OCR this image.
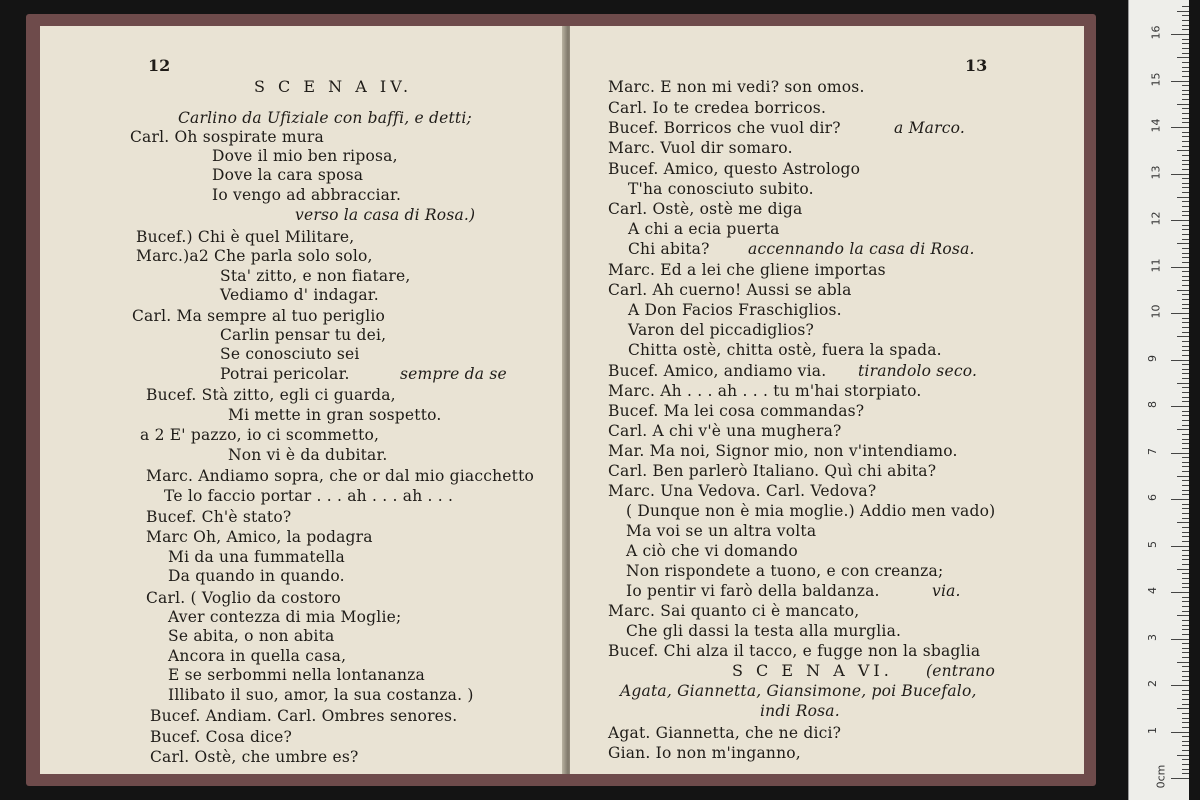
12
S C E N A IV.
Carlino da Ufiziale con baffi, e detti;
Carl. Oh sospirate mura
Dove il mio ben riposa,
Dove la cara sposa
Io vengo ad abbracciar.
verso la casa di Rosa.)
Bucef.) Chi è quel Militare,
Marc.)a2 Che parla solo solo,
Sta' zitto, e non fiatare,
Vediamo d' indagar.
Carl. Ma sempre al tuo periglio
Carlin pensar tu dei,
Se conosciuto sei
Potrai pericolar.	sempre da se
Bucef. Stà zitto, egli ci guarda,
Mi mette in gran sospetto.
a 2 E' pazzo, io ci scommetto,
Non vi è da dubitar.
Marc. Andiamo sopra, che or dal mio giacchetto
Te lo faccio portar . . . ah . . . ah . . .
Bucef. Ch'è stato?
Marc Oh, Amico, la podagra
Mi da una fummatella
Da quando in quando.
Carl. ( Voglio da costoro
Aver contezza di mia Moglie;
Se abita, o non abita
Ancora in quella casa,
E se serbommi nella lontananza
Illibato il suo, amor, la sua costanza. )
Bucef. Andiam. Carl. Ombres senores.
Bucef. Cosa dice?
Carl. Ostè, che umbre es?
13
Marc. E non mi vedi? son omos.
Carl. Io te credea borricos.
Bucef. Borricos che vuol dir?	a Marco.
Marc. Vuol dir somaro.
Bucef. Amico, questo Astrologo
T'ha conosciuto subito.
Carl. Ostè, ostè me diga
A chi a ecia puerta
Chi abita? accennando la casa di Rosa.
Marc. Ed a lei che gliene importas
Carl. Ah cuerno! Aussi se abla
A Don Facios Fraschiglios.
Varon del piccadiglios?
Chitta ostè, chitta ostè, fuera la spada.
Bucef. Amico, andiamo via. tirandolo seco.
Marc. Ah . . . ah . . . tu m'hai storpiato.
Bucef. Ma lei cosa commandas?
Carl. A chi v'è una mughera?
Mar. Ma noi, Signor mio, non v'intendiamo.
Carl. Ben parlerò Italiano. Quì chi abita?
Marc. Una Vedova. Carl. Vedova?
( Dunque non è mia moglie.) Addio men vado)
Ma voi se un altra volta
A ciò che vi domando
Non rispondete a tuono, e con creanza;
Io pentir vi farò della baldanza.	via.
Marc. Sai quanto ci è mancato,
Che gli dassi la testa alla murglia.
Bucef. Chi alza il tacco, e fugge non la sbaglia
S C E N A VI. (entrano
Agata, Giannetta, Giansimone, poi Bucefalo,
indi Rosa.
Agat. Giannetta, che ne dici?
Gian. Io non m'inganno,
0cm
1
2
3
4
5
6
7
8
9
10
11
12
13
14
15
16
